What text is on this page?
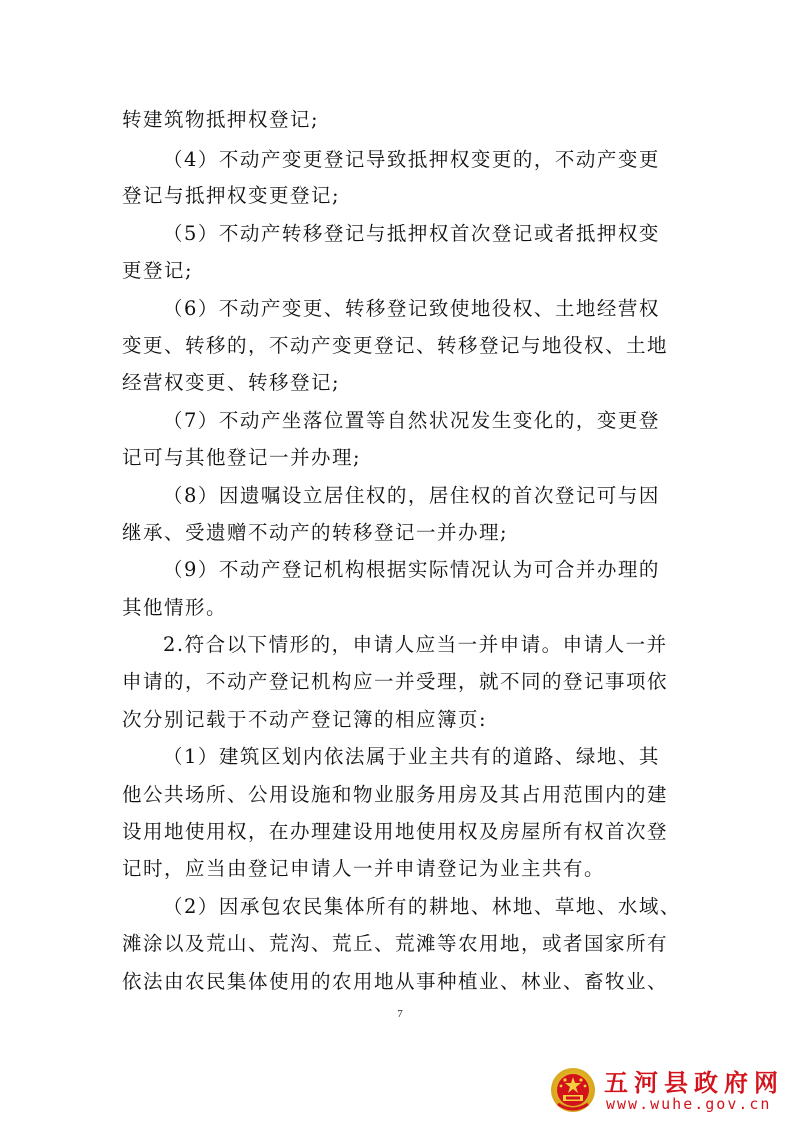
转建筑物抵押权登记;
（4）不动产变更登记导致抵押权变更的，不动产变更
登记与抵押权变更登记;
（5）不动产转移登记与抵押权首次登记或者抵押权变
更登记;
（6）不动产变更、转移登记致使地役权、土地经营权
变更、转移的，不动产变更登记、转移登记与地役权、土地
经营权变更、转移登记;
（7）不动产坐落位置等自然状况发生变化的，变更登
记可与其他登记一并办理;
（8）因遗嘱设立居住权的，居住权的首次登记可与因
继承、受遗赠不动产的转移登记一并办理;
（9）不动产登记机构根据实际情况认为可合并办理的
其他情形。
2.符合以下情形的，申请人应当一并申请。申请人一并
申请的，不动产登记机构应一并受理，就不同的登记事项依
次分别记载于不动产登记簿的相应簿页:
（1）建筑区划内依法属于业主共有的道路、绿地、其
他公共场所、公用设施和物业服务用房及其占用范围内的建
设用地使用权，在办理建设用地使用权及房屋所有权首次登
记时，应当由登记申请人一并申请登记为业主共有。
（2）因承包农民集体所有的耕地、林地、草地、水域、
滩涂以及荒山、荒沟、荒丘、荒滩等农用地，或者国家所有
依法由农民集体使用的农用地从事种植业、林业、畜牧业、
7
五河县政府网
www.wuhe.gov.cn
